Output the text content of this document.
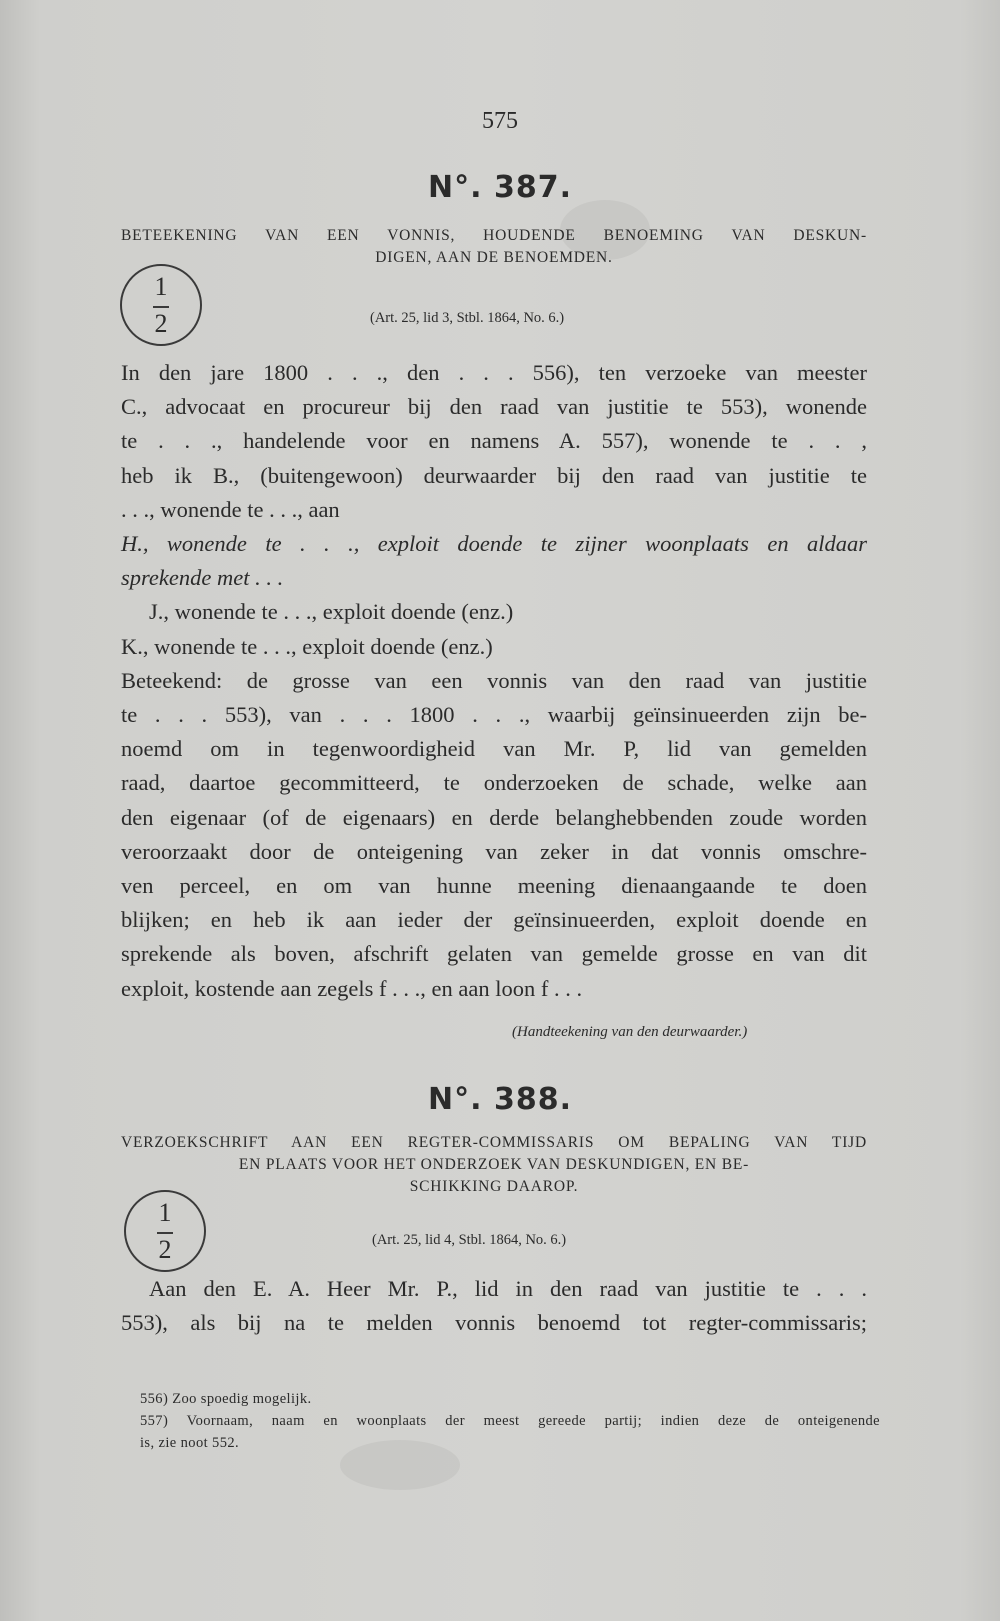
575
N°. 387.
BETEEKENING VAN EEN VONNIS, HOUDENDE BENOEMING VAN DESKUN-
DIGEN, AAN DE BENOEMDEN.
1
2	(Art. 25, lid 3, Stbl. 1864, No. 6.)

In den jare 1800 . . ., den . . . 556), ten verzoeke van meester

C., advocaat en procureur bij den raad van justitie te 553), wonende

te . . ., handelende voor en namens A. 557), wonende te . . ,

heb ik B., (buitengewoon) deurwaarder bij den raad van justitie te

. . ., wonende te . . ., aan

H., wonende te . . ., exploit doende te zijner woonplaats en aldaar

sprekende met . . .

J., wonende te . . ., exploit doende (enz.)

K., wonende te . . ., exploit doende (enz.)

Beteekend: de grosse van een vonnis van den raad van justitie

te . . . 553), van . . . 1800 . . ., waarbij geïnsinueerden zijn be-

noemd om in tegenwoordigheid van Mr. P, lid van gemelden

raad, daartoe gecommitteerd, te onderzoeken de schade, welke aan

den eigenaar (of de eigenaars) en derde belanghebbenden zoude worden

veroorzaakt door de onteigening van zeker in dat vonnis omschre-

ven perceel, en om van hunne meening dienaangaande te doen

blijken; en heb ik aan ieder der geïnsinueerden, exploit doende en

sprekende als boven, afschrift gelaten van gemelde grosse en van dit

exploit, kostende aan zegels f . . ., en aan loon f . . .

(Handteekening van den deurwaarder.)
N°. 388.
VERZOEKSCHRIFT AAN EEN REGTER-COMMISSARIS OM BEPALING VAN TIJD
EN PLAATS VOOR HET ONDERZOEK VAN DESKUNDIGEN, EN BE-
SCHIKKING DAAROP.
1
2	(Art. 25, lid 4, Stbl. 1864, No. 6.)

Aan den E. A. Heer Mr. P., lid in den raad van justitie te . . .

553), als bij na te melden vonnis benoemd tot regter-commissaris;

556) Zoo spoedig mogelijk.

557) Voornaam, naam en woonplaats der meest gereede partij; indien deze de onteigenende

is, zie noot 552.
